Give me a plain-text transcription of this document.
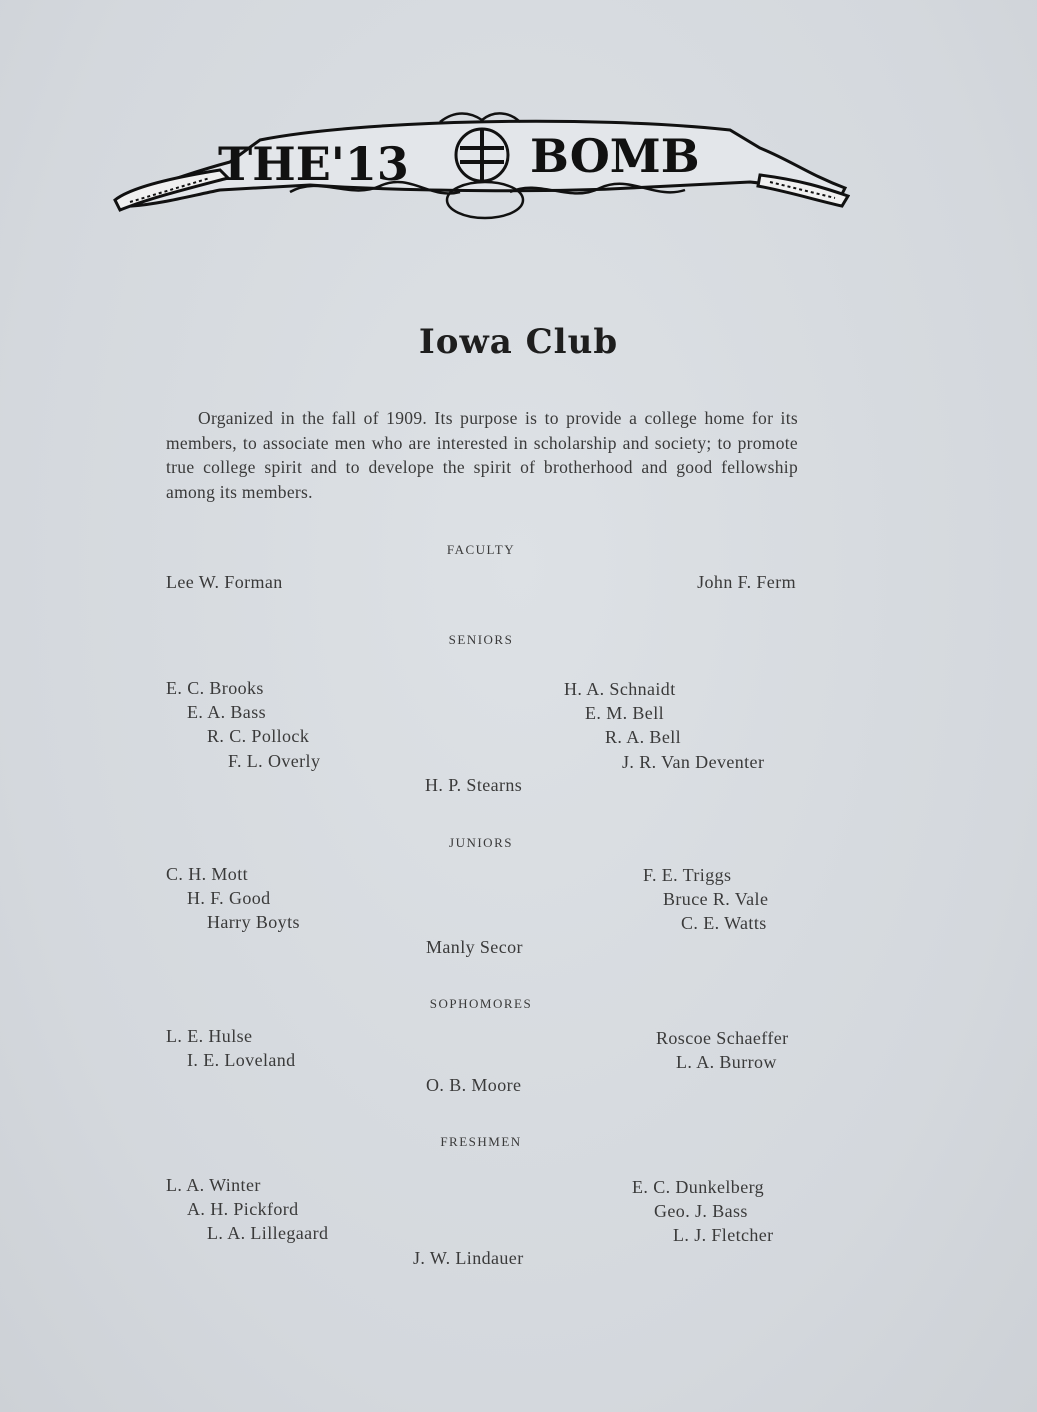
THE'13	BOMB
Iowa Club

Organized in the fall of 1909. Its purpose is to provide a college home for its members, to associate men who are interested in scholarship and society; to promote true college spirit and to develope the spirit of brotherhood and good fellowship among its members.

FACULTY
Lee W. Forman	John F. Ferm
SENIORS
E. C. Brooks
E. A. Bass
R. C. Pollock
F. L. Overly
H. A. Schnaidt
E. M. Bell
R. A. Bell
J. R. Van Deventer
H. P. Stearns
JUNIORS
C. H. Mott
H. F. Good
Harry Boyts
F. E. Triggs
Bruce R. Vale
C. E. Watts
Manly Secor
SOPHOMORES
L. E. Hulse
I. E. Loveland
Roscoe Schaeffer
L. A. Burrow
O. B. Moore
FRESHMEN
L. A. Winter
A. H. Pickford
L. A. Lillegaard
E. C. Dunkelberg
Geo. J. Bass
L. J. Fletcher
J. W. Lindauer
